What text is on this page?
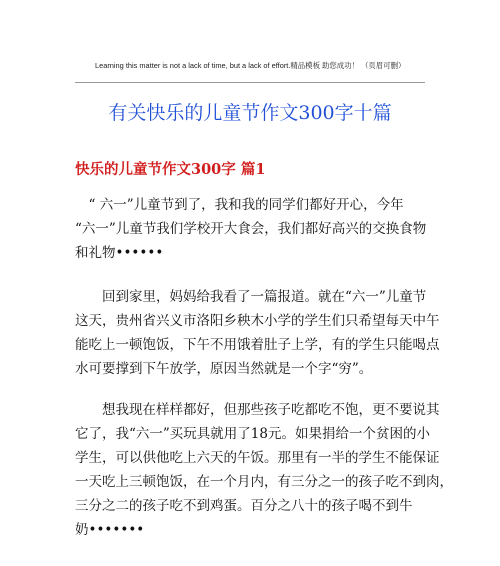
Learning this matter is not a lack of time, but a lack of effort.精品模板 助您成功！ （页眉可删）
有关快乐的儿童节作文300字十篇
快乐的儿童节作文300字 篇1
　“ 六一”儿童节到了，我和我的同学们都好开心，今年
“六一”儿童节我们学校开大食会，我们都好高兴的交换食物
和礼物••••••
　　回到家里，妈妈给我看了一篇报道。就在“六一”儿童节
这天，贵州省兴义市洛阳乡秧木小学的学生们只希望每天中午
能吃上一顿饱饭，下午不用饿着肚子上学，有的学生只能喝点
水可要撑到下午放学，原因当然就是一个字“穷”。
　　想我现在样样都好，但那些孩子吃都吃不饱，更不要说其
它了，我“六一”买玩具就用了18元。如果捐给一个贫困的小
学生，可以供他吃上六天的午饭。那里有一半的学生不能保证
一天吃上三顿饱饭，在一个月内，有三分之一的孩子吃不到肉，
三分之二的孩子吃不到鸡蛋。百分之八十的孩子喝不到牛
奶•••••••
